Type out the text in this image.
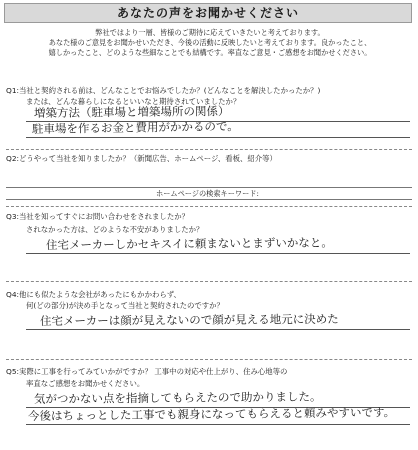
あなたの声をお聞かせください
弊社ではより一層、皆様のご期待に応えていきたいと考えております。
あなた様のご意見をお聞かせいただき、今後の活動に反映したいと考えております。良かったこと、
嬉しかったこと、どのような些細なことでも結構です。率直なご意見・ご感想をお聞かせください。
Q1:当社と契約される前は、どんなことでお悩みでしたか？(どんなことを解決したかったか？)
または、どんな暮らしになるといいなと期待されていましたか？
増築方法（駐車場と増築場所の関係）
駐車場を作るお金と費用がかかるので。
Q2:どうやって当社を知りましたか？（新聞広告、ホームページ、看板、紹介等）
ホームページの検索キーワード:
Q3:当社を知ってすぐにお問い合わせをされましたか？
されなかった方は、どのような不安がありましたか？
住宅メーカーしかセキスイに頼まないとまずいかなと。
Q4:他にも似たような会社があったにもかかわらず、
何(どの部分)が決め手となって当社と契約されたのですか？
住宅メーカーは顔が見えないので顔が見える地元に決めた
Q5:実際に工事を行ってみていかがですか？ 工事中の対応や仕上がり、住み心地等の
率直なご感想をお聞かせください。
気がつかない点を指摘してもらえたので助かりました。
今後はちょっとした工事でも親身になってもらえると頼みやすいです。
